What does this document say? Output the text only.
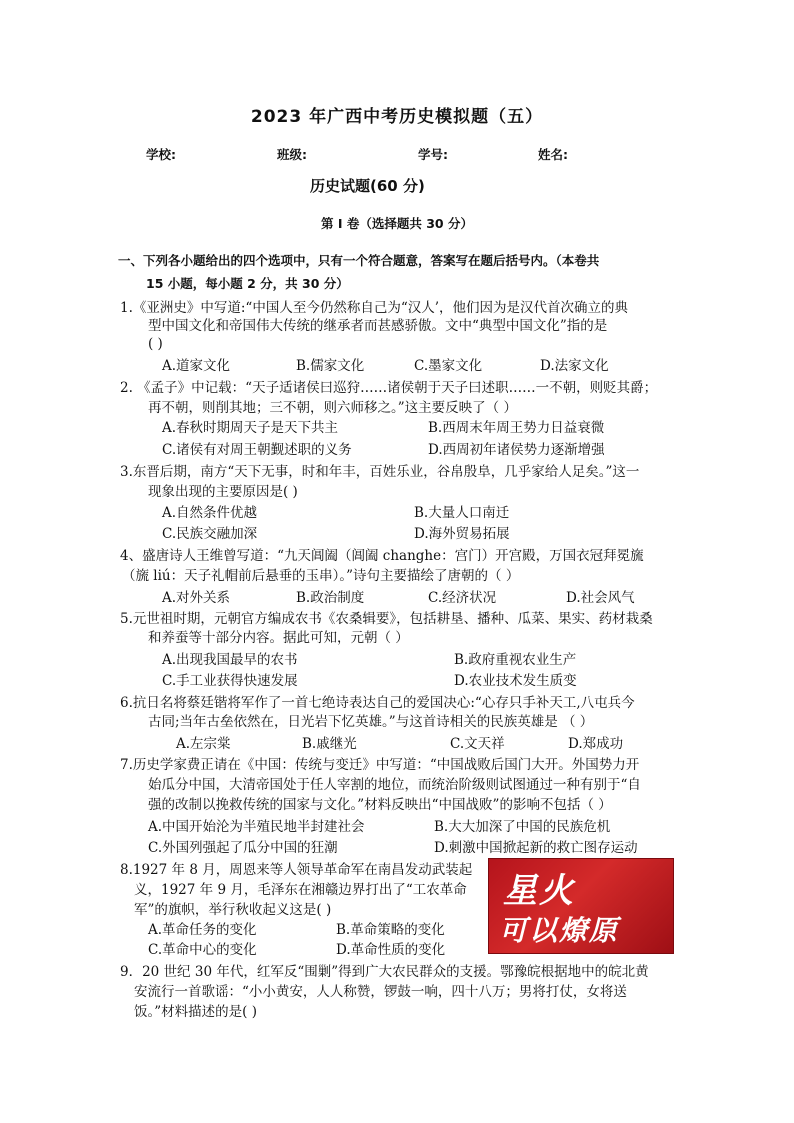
2023 年广西中考历史模拟题（五）
学校:	班级:	学号:	姓名:
历史试题(60 分)
第 I 卷（选择题共 30 分）
一、下列各小题给出的四个选项中，只有一个符合题意，答案写在题后括号内。（本卷共
15 小题，每小题 2 分，共 30 分）
1.《亚洲史》中写道:“中国人至今仍然称自己为“汉人’，他们因为是汉代首次确立的典
型中国文化和帝国伟大传统的继承者而甚感骄傲。文中“典型中国文化”指的是
( )
A.道家文化	B.儒家文化	C.墨家文化	D.法家文化
2. 《孟子》中记载：“天子适诸侯曰巡狩……诸侯朝于天子曰述职……一不朝，则贬其爵；
再不朝，则削其地；三不朝，则六师移之。”这主要反映了（ ）
A.春秋时期周天子是天下共主	B.西周末年周王势力日益衰微
C.诸侯有对周王朝觐述职的义务	D.西周初年诸侯势力逐渐增强
3.东晋后期，南方“天下无事，时和年丰，百姓乐业，谷帛殷阜，几乎家给人足矣。”这一
现象出现的主要原因是( )
A.自然条件优越	B.大量人口南迁
C.民族交融加深	D.海外贸易拓展
4、盛唐诗人王维曾写道：“九天阊阖（阊阖 changhe：宫门）开宫殿，万国衣冠拜冕旒
（旒 liú：天子礼帽前后悬垂的玉串）。”诗句主要描绘了唐朝的（ ）
A.对外关系	B.政治制度	C.经济状况	D.社会风气
5.元世祖时期，元朝官方编成农书《农桑辑要》，包括耕垦、播种、瓜菜、果实、药材栽桑
和养蚕等十部分内容。据此可知，元朝（ ）
A.出现我国最早的农书	B.政府重视农业生产
C.手工业获得快速发展	D.农业技术发生质变
6.抗日名将蔡廷锴将军作了一首七绝诗表达自己的爱国决心:“心存只手补天工,八屯兵今
古同;当年古垒依然在，日光岩下忆英雄。”与这首诗相关的民族英雄是 （ ）
A.左宗棠	B.戚继光	C.文天祥	D.郑成功
7.历史学家费正请在《中国：传统与变迁》中写道：“中国战败后国门大开。外国势力开
始瓜分中国，大清帝国处于任人宰割的地位，而统治阶级则试图通过一种有别于“自
强的改制以挽救传统的国家与文化。”材料反映出“中国战败”的影响不包括（ ）
A.中国开始沦为半殖民地半封建社会	B.大大加深了中国的民族危机
C.外国列强起了瓜分中国的狂潮	D.刺激中国掀起新的救亡图存运动
8.1927 年 8 月，周恩来等人领导革命军在南昌发动武装起
义，1927 年 9 月，毛泽东在湘赣边界打出了“工农革命
军”的旗帜，举行秋收起义这是( )
A.革命任务的变化	B.革命策略的变化
C.革命中心的变化	D.革命性质的变化
星火
可以燎原
9．20 世纪 30 年代，红军反“围剿”得到广大农民群众的支援。鄂豫皖根据地中的皖北黄
安流行一首歌谣：“小小黄安，人人称赞，锣鼓一响，四十八万；男将打仗，女将送
饭。”材料描述的是( )
